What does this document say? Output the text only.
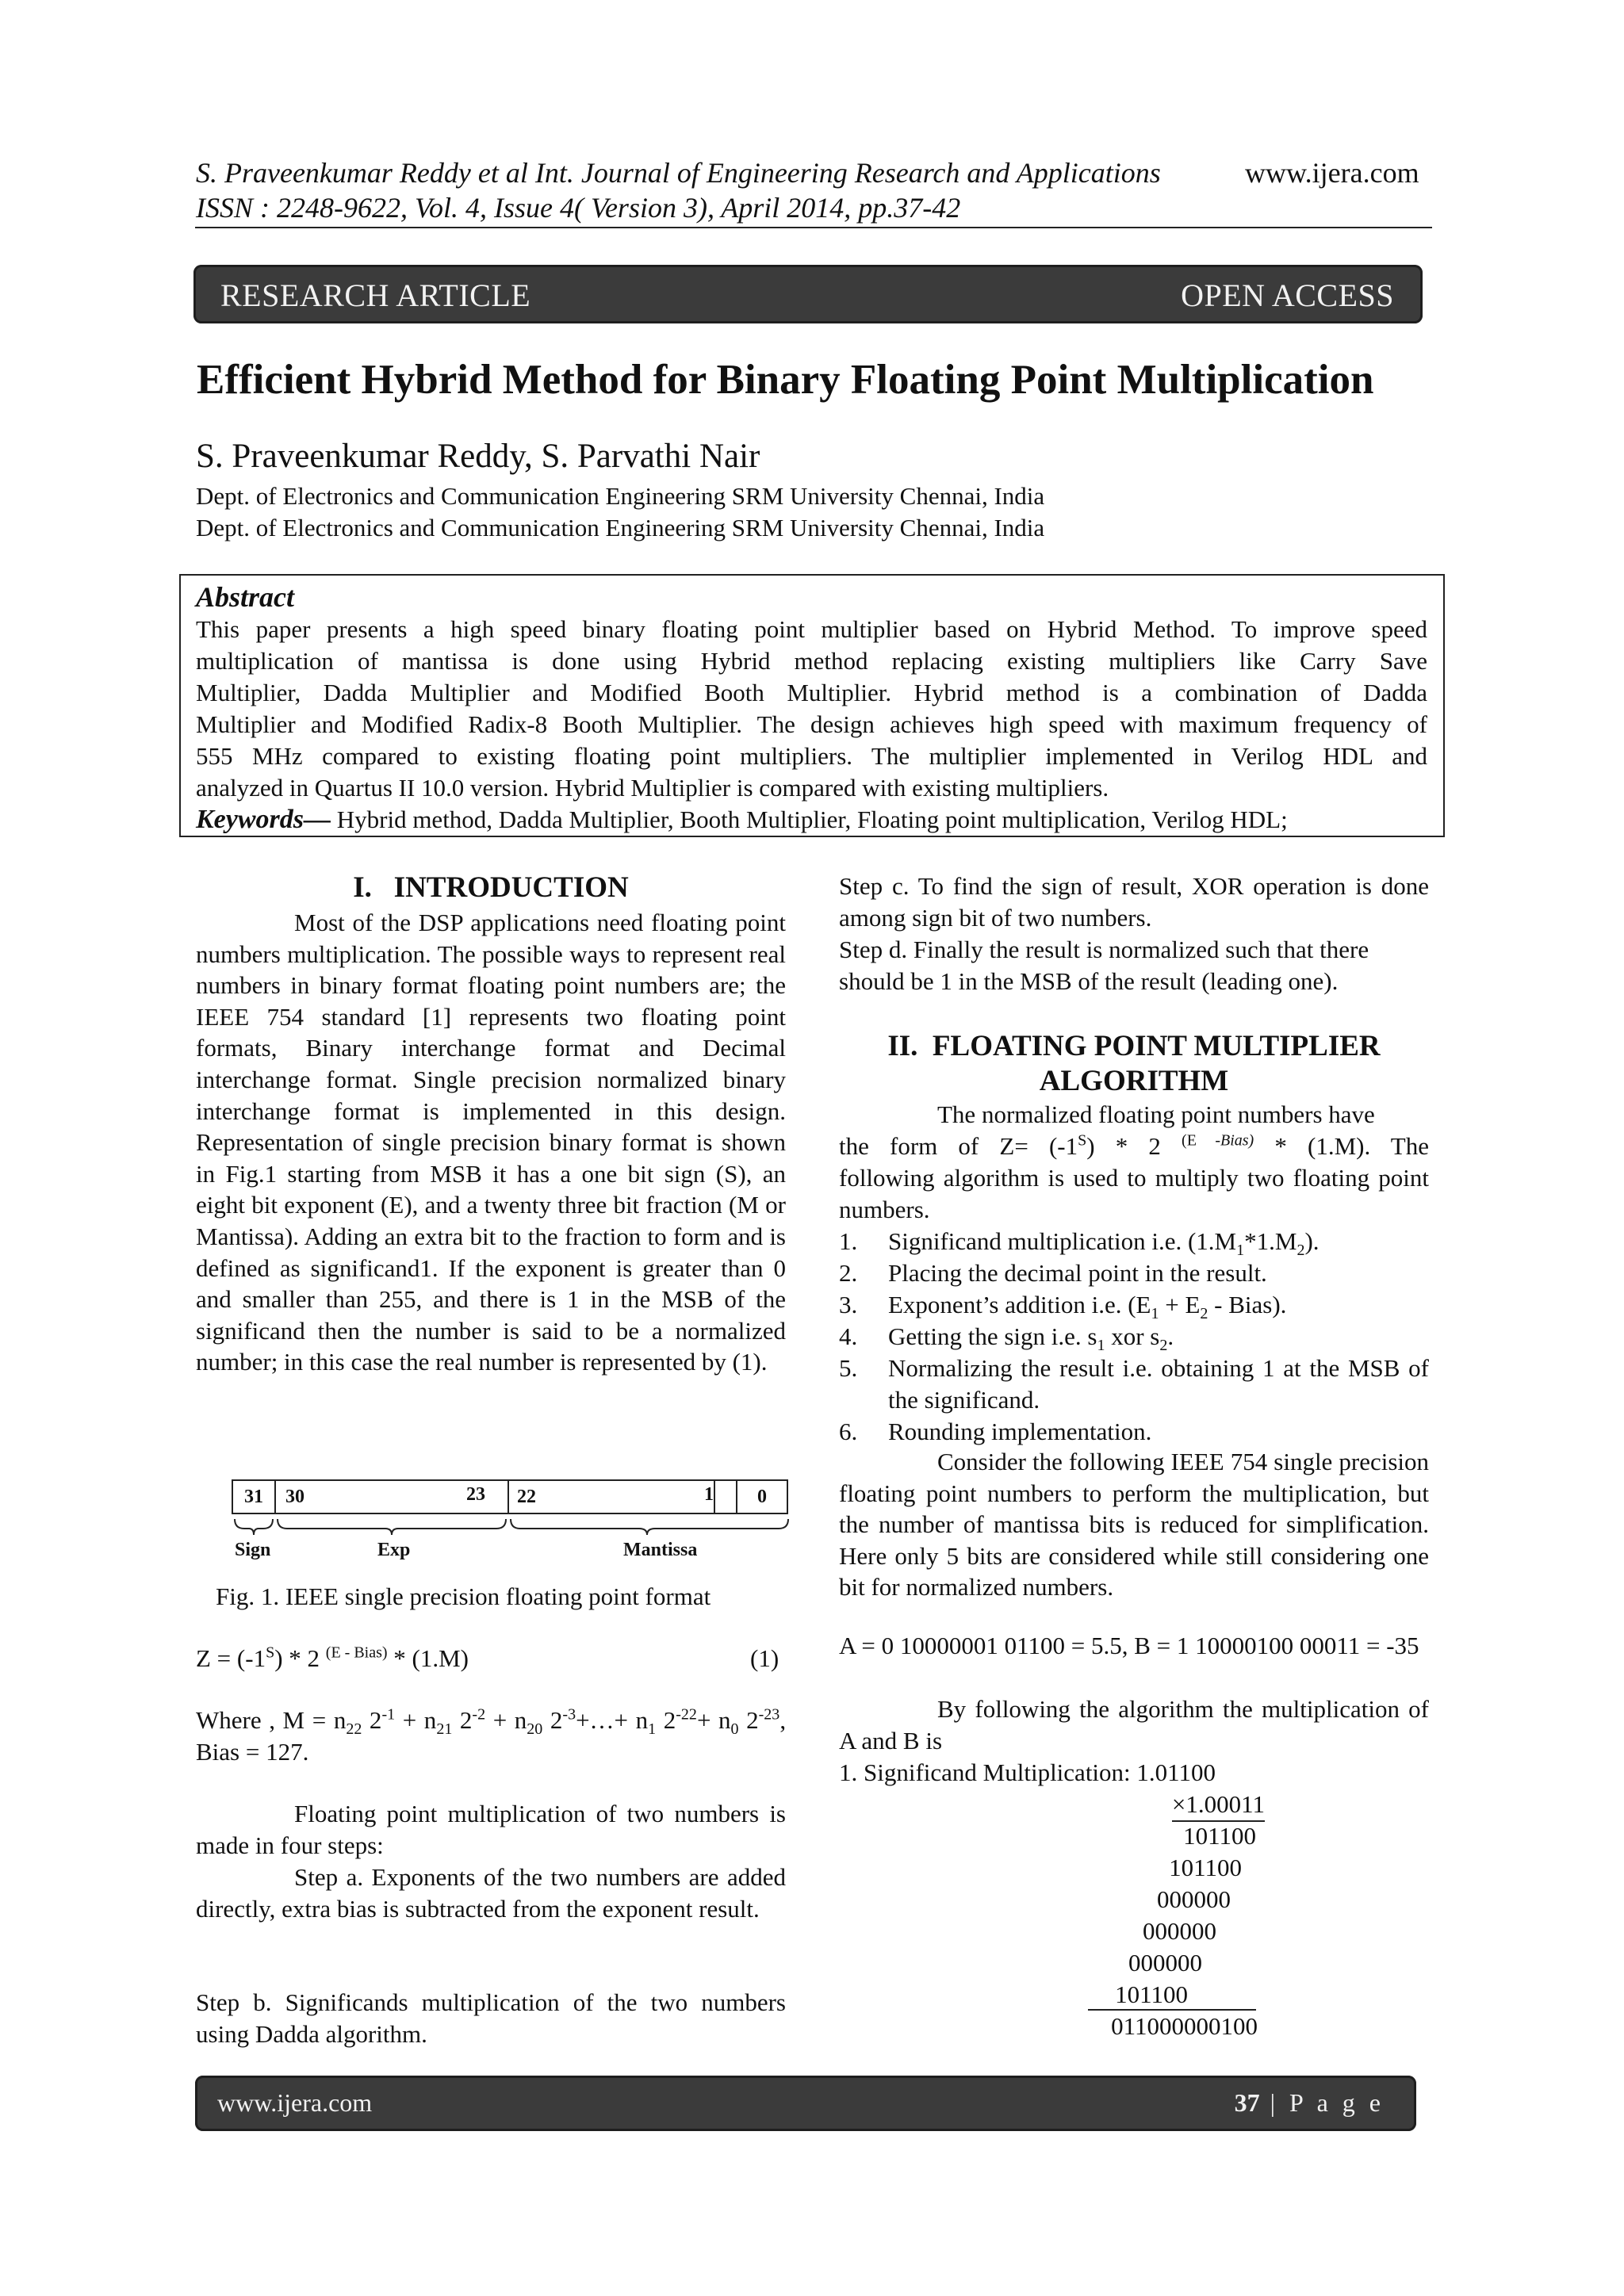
S. Praveenkumar Reddy et al Int. Journal of Engineering Research and Applications	www.ijera.com
ISSN : 2248-9622, Vol. 4, Issue 4( Version 3), April 2014, pp.37-42
RESEARCH ARTICLE	OPEN ACCESS
Efficient Hybrid Method for Binary Floating Point Multiplication
S. Praveenkumar Reddy, S. Parvathi Nair
Dept. of Electronics and Communication Engineering SRM University Chennai, India
Dept. of Electronics and Communication Engineering SRM University Chennai, India
Abstract
This paper presents a high speed binary floating point multiplier based on Hybrid Method. To improve speed
multiplication of mantissa is done using Hybrid method replacing existing multipliers like Carry Save
Multiplier, Dadda Multiplier and Modified Booth Multiplier. Hybrid method is a combination of Dadda
Multiplier and Modified Radix-8 Booth Multiplier. The design achieves high speed with maximum frequency of
555 MHz compared to existing floating point multipliers. The multiplier implemented in Verilog HDL and
analyzed in Quartus II 10.0 version. Hybrid Multiplier is compared with existing multipliers.
Keywords— Hybrid method, Dadda Multiplier, Booth Multiplier, Floating point multiplication, Verilog HDL;
I.   INTRODUCTION
Most of the DSP applications need floating point numbers multiplication. The possible ways to represent real numbers in binary format floating point numbers are; the IEEE 754 standard [1] represents two floating point formats, Binary interchange format and Decimal interchange format. Single precision normalized binary interchange format is implemented in this design. Representation of single precision binary format is shown in Fig.1 starting from MSB it has a one bit sign (S), an eight bit exponent (E), and a twenty three bit fraction (M or Mantissa). Adding an extra bit to the fraction to form and is defined as significand1. If the exponent is greater than 0 and smaller than 255, and there is 1 in the MSB of the significand then the number is said to be a normalized number; in this case the real number is represented by (1).
31	30	23	22	1	0
Sign	Exp	Mantissa
Fig. 1. IEEE single precision floating point format
$Z = (-1^S) * 2$ $^{(E - Bias)}$ * (1.M)	(1)
Where , $M = n_{22}$ $2^{-1} + n_{21}$ $2^{-2} + n_{20}$ $2^{-3}+\dots+ n_1$ $2^{-22}+ n_0$ $2^{-23}$, Bias = 127.
Floating point multiplication of two numbers is made in four steps:
Step a. Exponents of the two numbers are added directly, extra bias is subtracted from the exponent result.
Step b. Significands multiplication of the two numbers using Dadda algorithm.
Step c. To find the sign of result, XOR operation is done among sign bit of two numbers.
Step d. Finally the result is normalized such that there should be 1 in the MSB of the result (leading one).
II.  FLOATING POINT MULTIPLIER
ALGORITHM
The normalized floating point numbers have
the form of $Z= (-1^S) * 2$ $^{(E -Bias)}$ * (1.M). The
following algorithm is used to multiply two floating point numbers.
1. Significand multiplication i.e. $(1.M_1*1.M_2)$.
2. Placing the decimal point in the result.
3. Exponent’s addition i.e. ($E_1 + E_2$ - Bias).
4. Getting the sign i.e. $s_1$ xor $s_2$.
5. Normalizing the result i.e. obtaining 1 at the MSB of the significand.
6. Rounding implementation.
Consider the following IEEE 754 single precision floating point numbers to perform the multiplication, but the number of mantissa bits is reduced for simplification. Here only 5 bits are considered while still considering one bit for normalized numbers.
A = 0 10000001 01100 = 5.5, B = 1 10000100 00011 = -35
By following the algorithm the multiplication of A and B is
1. Significand Multiplication: 1.01100
×1.00011
101100
101100
000000
000000
000000
101100
011000000100
www.ijera.com	37 | P a g e
